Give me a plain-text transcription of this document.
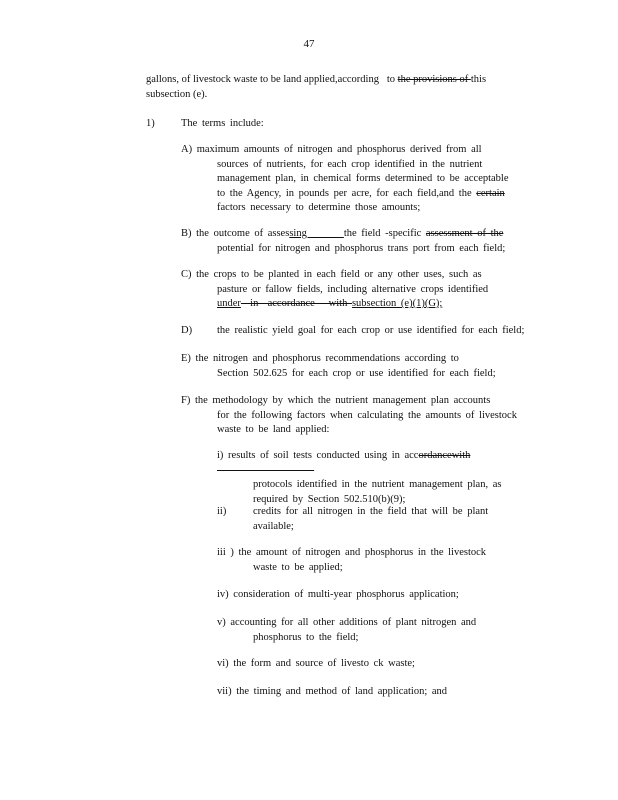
47
gallons, of livestock waste to be land applied,according   to the provisions of this
subsection (e).
1)	The terms include:
A) maximum amounts of nitrogen and phosphorus derived from all
sources of nutrients, for each crop identified in the nutrient
management plan, in chemical forms determined to be acceptable
to the Agency, in pounds per acre, for each field,and the certain
factors necessary to determine those amounts;
B) the outcome of assessing        the field -specific assessment of the
potential for nitrogen and phosphorus trans port from each field;
C) the crops to be planted in each field or any other uses, such as
pasture or fallow fields, including alternative crops identified
under  in  accordance   with subsection (e)(1)(G);
D) the realistic yield goal for each crop or use identified for each field;
E) the nitrogen and phosphorus recommendations according to
Section 502.625 for each crop or use identified for each field;
F) the methodology by which the nutrient management plan accounts
for the following factors when calculating the amounts of livestock
waste to be land applied:
i) results of soil tests conducted using in accordancewith
protocols identified in the nutrient management plan, as
required by Section 502.510(b)(9);
ii)	credits for all nitrogen in the field that will be plant
available;
iii ) the amount of nitrogen and phosphorus in the livestock
waste to be applied;
iv) consideration of multi-year phosphorus application;
v) accounting for all other additions of plant nitrogen and
phosphorus to the field;
vi) the form and source of livesto ck waste;
vii) the timing and method of land application; and
